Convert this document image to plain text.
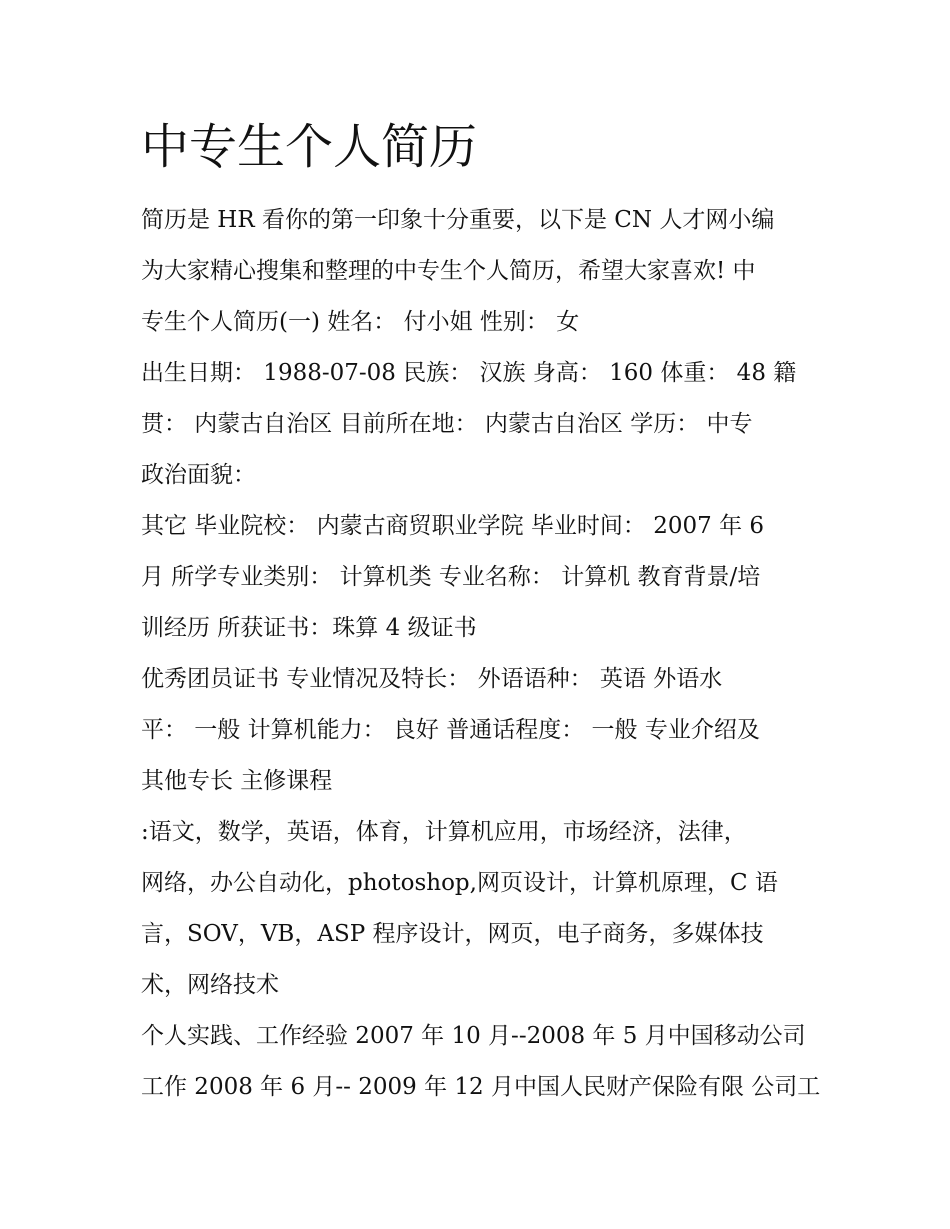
中专生个人简历
简历是 HR 看你的第一印象十分重要，以下是 CN 人才网小编
为大家精心搜集和整理的中专生个人简历，希望大家喜欢! 中
专生个人简历(一) 姓名： 付小姐 性别： 女
出生日期： 1988-07-08 民族： 汉族 身高： 160 体重： 48 籍
贯： 内蒙古自治区 目前所在地： 内蒙古自治区 学历： 中专
政治面貌：
其它 毕业院校： 内蒙古商贸职业学院 毕业时间： 2007 年 6
月 所学专业类别： 计算机类 专业名称： 计算机 教育背景/培
训经历 所获证书：珠算 4 级证书
优秀团员证书 专业情况及特长： 外语语种： 英语 外语水
平： 一般 计算机能力： 良好 普通话程度： 一般 专业介绍及
其他专长 主修课程
:语文，数学，英语，体育，计算机应用，市场经济，法律，
网络，办公自动化，photoshop,网页设计，计算机原理，C 语
言，SOV，VB，ASP 程序设计，网页，电子商务，多媒体技
术，网络技术
个人实践、工作经验 2007 年 10 月--2008 年 5 月中国移动公司
工作 2008 年 6 月-- 2009 年 12 月中国人民财产保险有限 公司工
